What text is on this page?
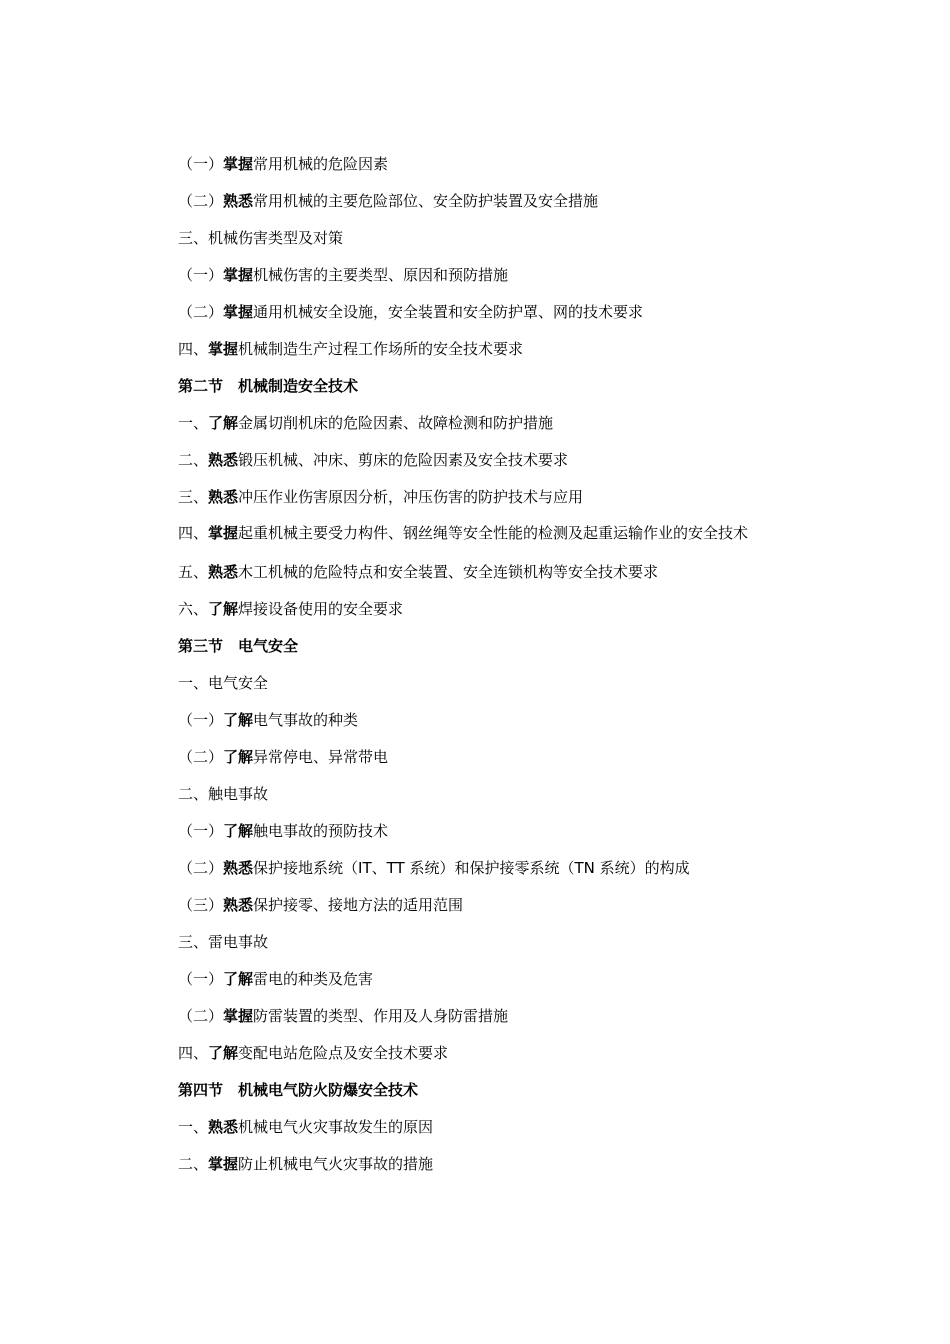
（一）掌握常用机械的危险因素
（二）熟悉常用机械的主要危险部位、安全防护装置及安全措施
三、机械伤害类型及对策
（一）掌握机械伤害的主要类型、原因和预防措施
（二）掌握通用机械安全设施，安全装置和安全防护罩、网的技术要求
四、掌握机械制造生产过程工作场所的安全技术要求
第二节　机械制造安全技术
一、了解金属切削机床的危险因素、故障检测和防护措施
二、熟悉锻压机械、冲床、剪床的危险因素及安全技术要求
三、熟悉冲压作业伤害原因分析，冲压伤害的防护技术与应用
四、掌握起重机械主要受力构件、钢丝绳等安全性能的检测及起重运输作业的安全技术
五、熟悉木工机械的危险特点和安全装置、安全连锁机构等安全技术要求
六、了解焊接设备使用的安全要求
第三节　电气安全
一、电气安全
（一）了解电气事故的种类
（二）了解异常停电、异常带电
二、触电事故
（一）了解触电事故的预防技术
（二）熟悉保护接地系统（IT、TT 系统）和保护接零系统（TN 系统）的构成
（三）熟悉保护接零、接地方法的适用范围
三、雷电事故
（一）了解雷电的种类及危害
（二）掌握防雷装置的类型、作用及人身防雷措施
四、了解变配电站危险点及安全技术要求
第四节　机械电气防火防爆安全技术
一、熟悉机械电气火灾事故发生的原因
二、掌握防止机械电气火灾事故的措施
